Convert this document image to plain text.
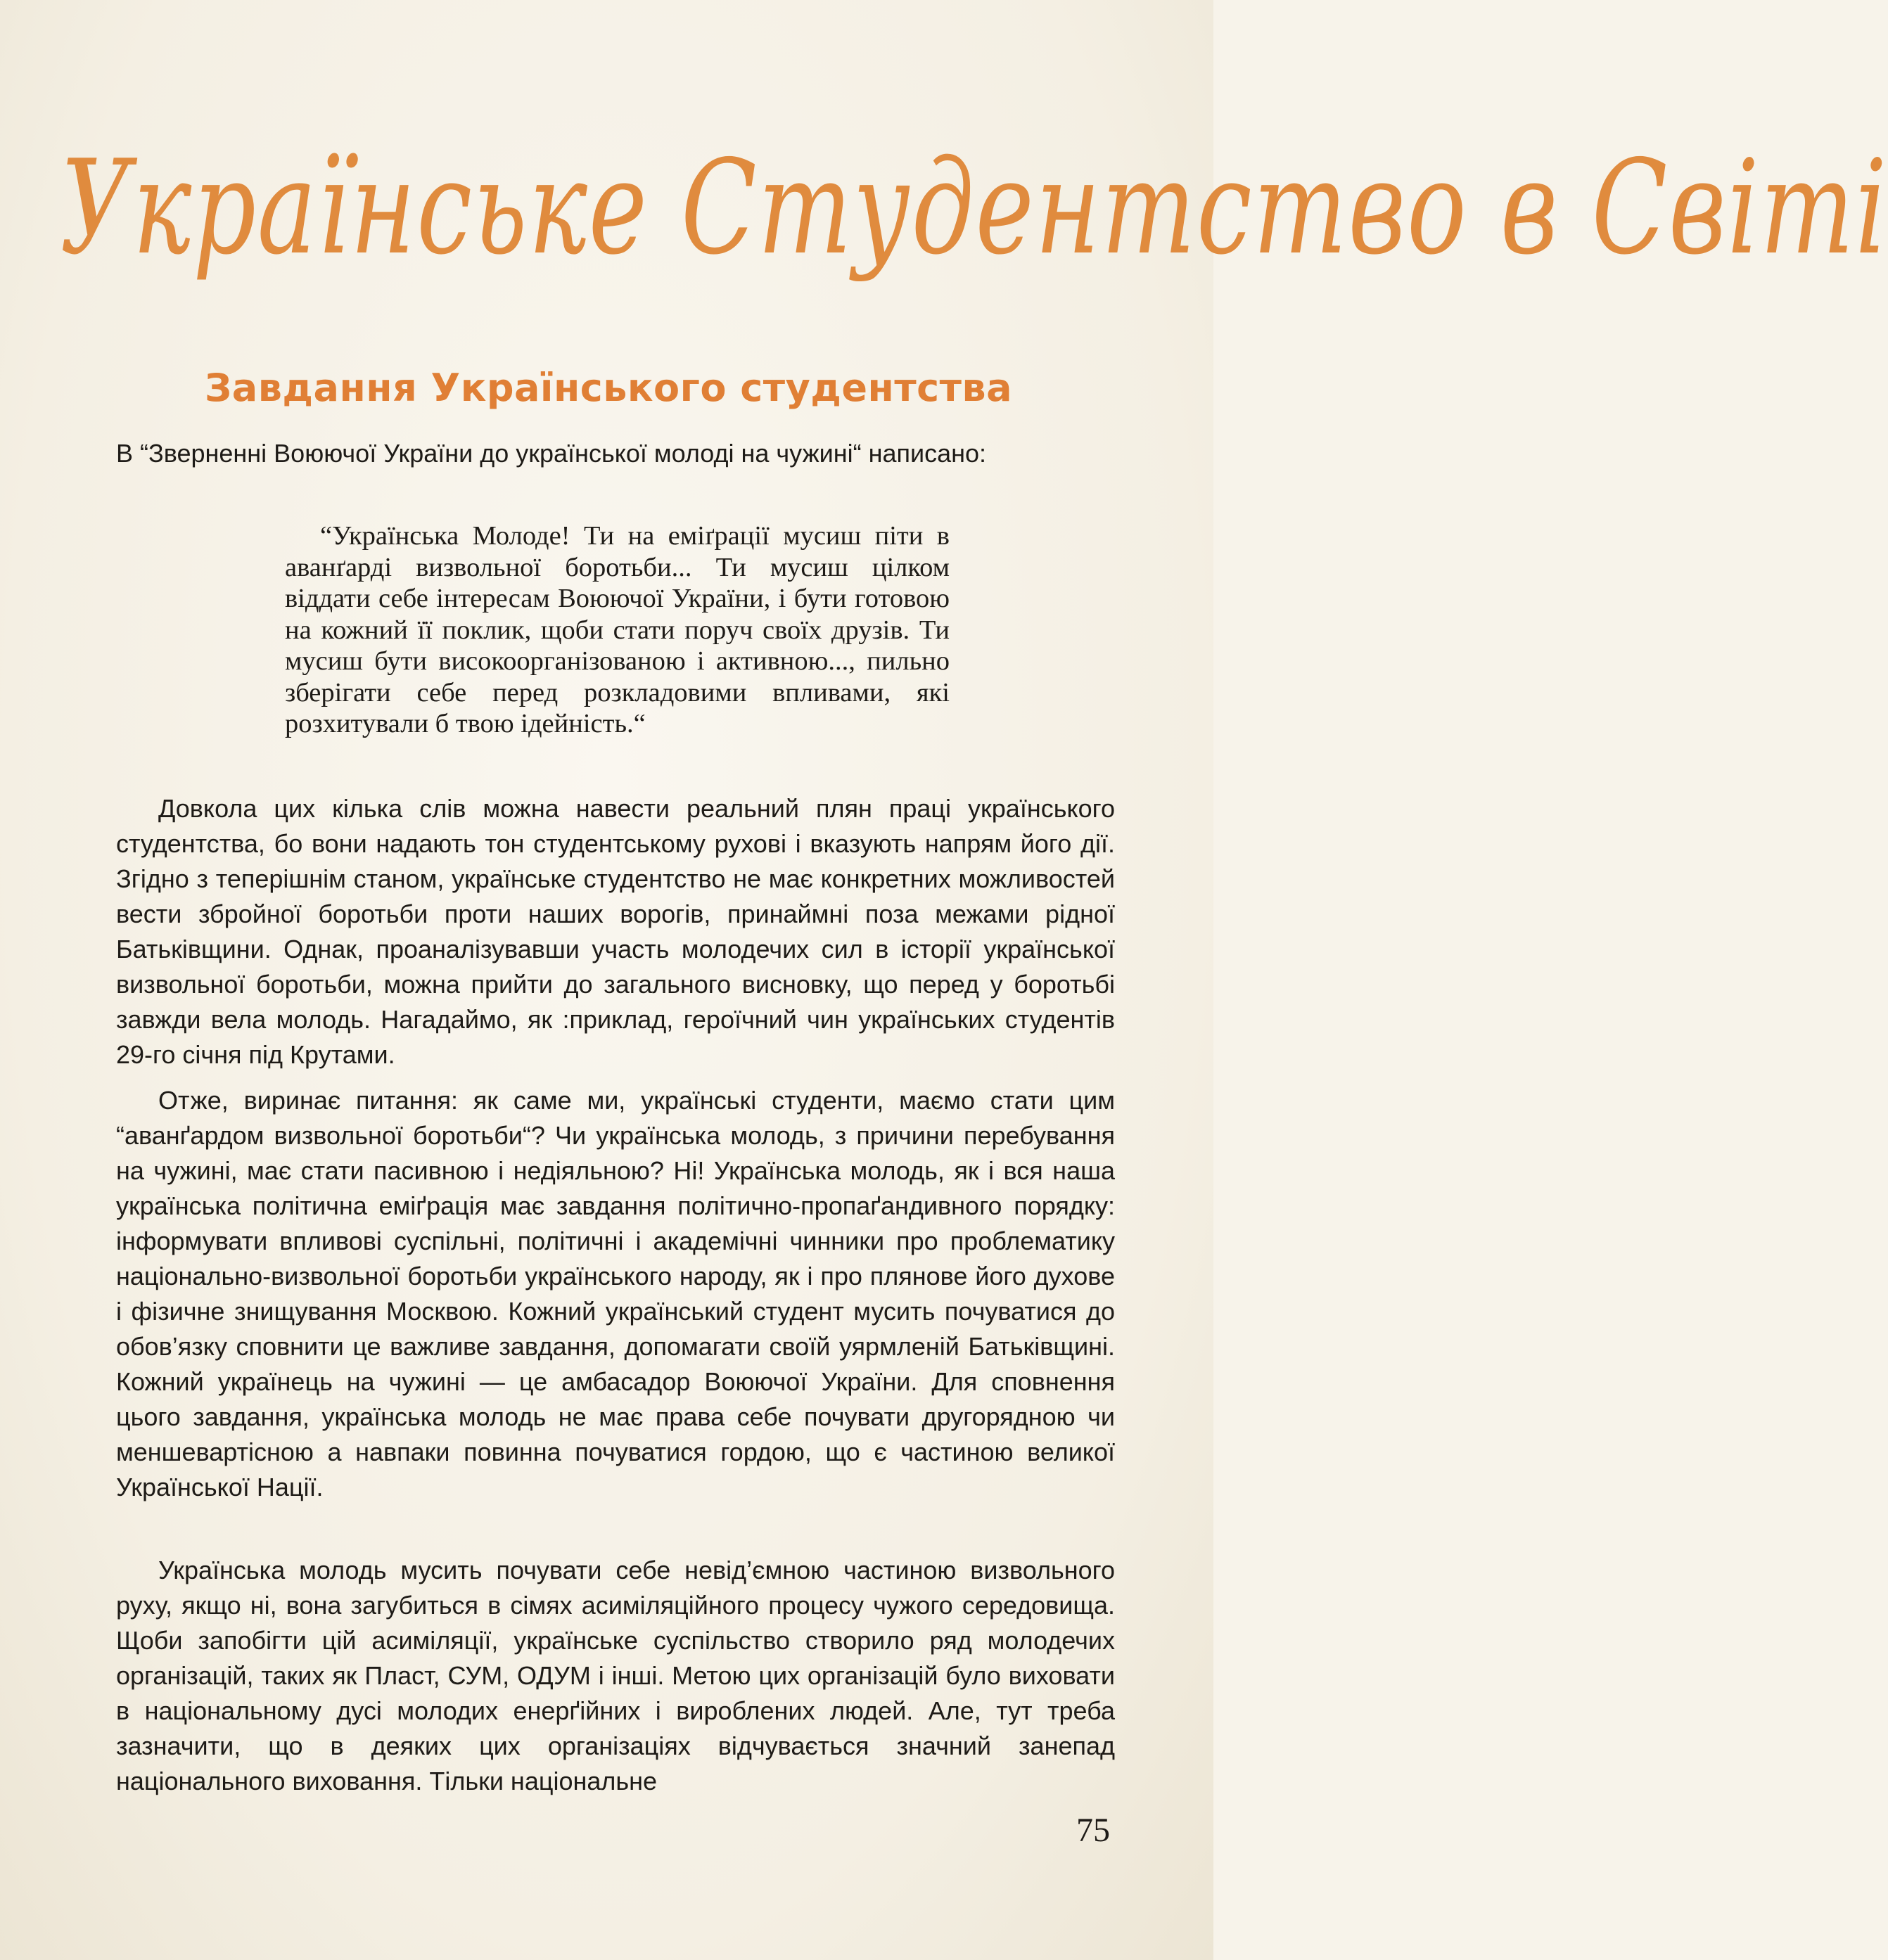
Українське Студентство в Світі
Завдання Українського студентства
В “Зверненні Воюючої України до української молоді на чужині“ написано:
“Українська Молоде! Ти на еміґрації мусиш піти в аванґарді визвольної боротьби... Ти мусиш цілком віддати себе інтересам Воюючої України, і бути готовою на кожний її поклик, щоби стати поруч своїх друзів. Ти мусиш бути високоорганізованою і активною..., пильно зберігати себе перед розкладовими впливами, які розхитували б твою ідейність.“

Довкола цих кілька слів можна навести реальний плян праці українського студентства, бо вони надають тон студентському рухові і вказують напрям його дії. Згідно з теперішнім станом, українське студентство не має конкретних можливостей вести збройної боротьби проти наших ворогів, принаймні поза межами рідної Батьківщини. Однак, проаналізувавши участь молодечих сил в історії української визвольної боротьби, можна прийти до загального висновку, що перед у боротьбі завжди вела молодь. Нагадаймо, як :приклад, героїчний чин українських студентів 29-го січня під Крутами.

Отже, виринає питання: як саме ми, українські студенти, маємо стати цим “аванґардом визвольної боротьби“? Чи українська молодь, з причини перебування на чужині, має стати пасивною і недіяльною? Ні! Українська молодь, як і вся наша українська політична еміґрація має завдання політично-пропаґандивного порядку: інформувати впливові суспільні, політичні і академічні чинники про проблематику національно-визвольної боротьби українського народу, як і про плянове його духове і фізичне знищування Москвою. Кожний український студент мусить почуватися до обов’язку сповнити це важливе завдання, допомагати своїй уярмленій Батьківщині. Кожний українець на чужині — це амбасадор Воюючої України. Для сповнення цього завдання, українська молодь не має права себе почувати другорядною чи меншевартісною а навпаки повинна почуватися гордою, що є частиною великої Української Нації.

Українська молодь мусить почувати себе невід’ємною частиною визвольного руху, якщо ні, вона загубиться в сімях асиміляційного процесу чужого середовища. Щоби запобігти цій асиміляції, українське суспільство створило ряд молодечих організацій, таких як Пласт, СУМ, ОДУМ і інші. Метою цих організацій було виховати в національному дусі молодих енерґійних і вироблених людей. Але, тут треба зазначити, що в деяких цих організаціях відчувається значний занепад національного виховання. Тільки національне

75
